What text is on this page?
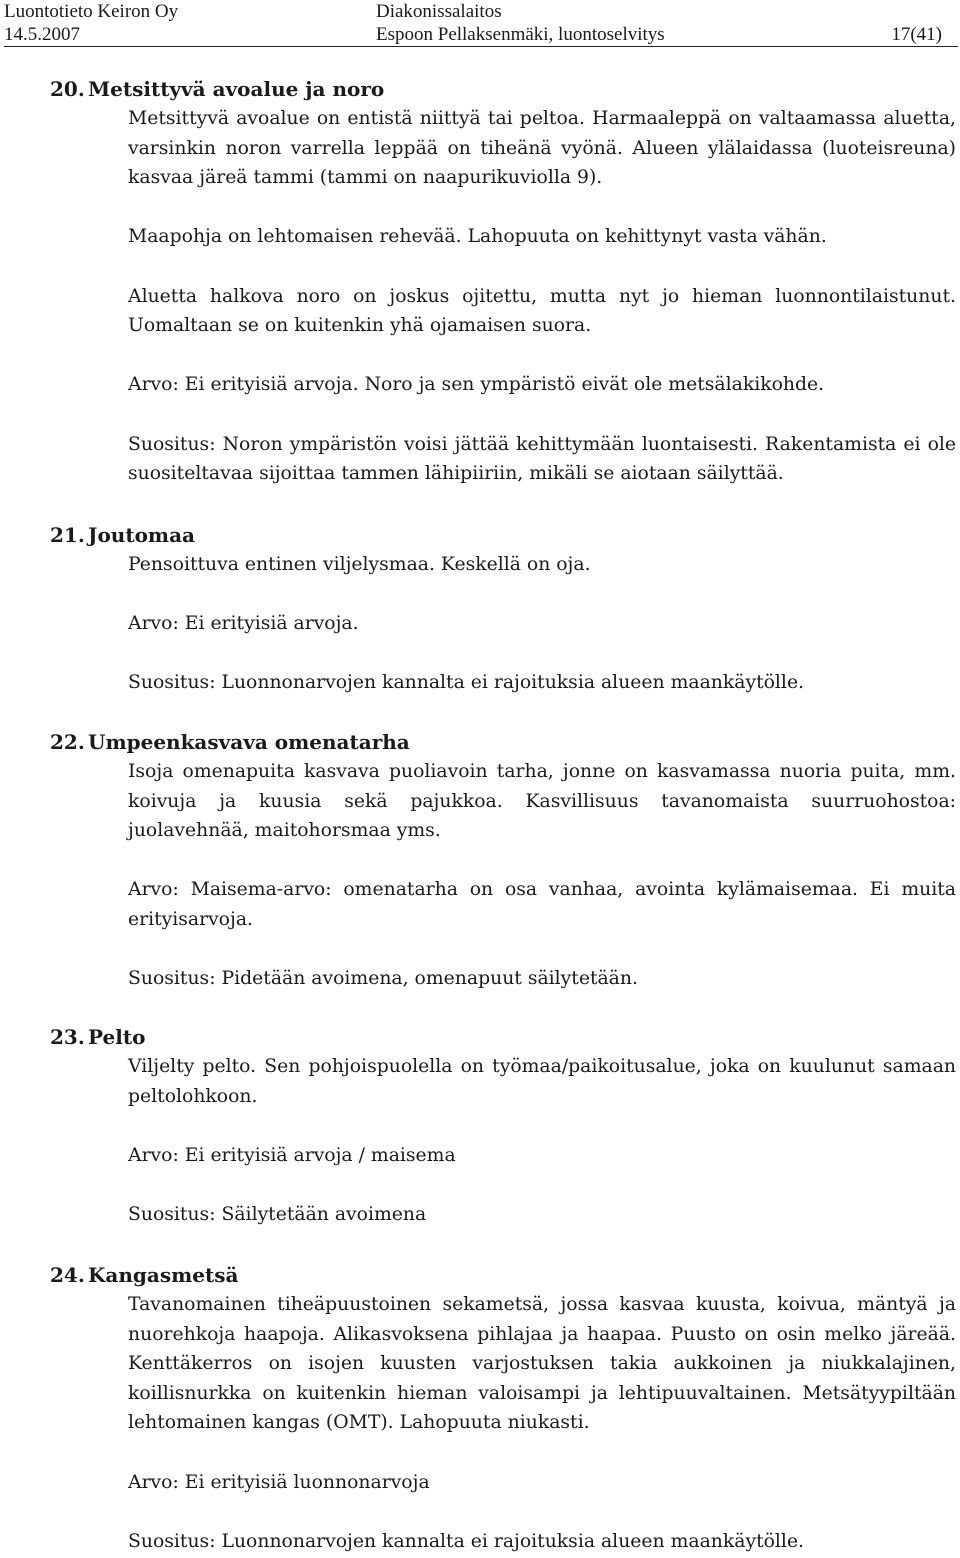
Luontotieto Keiron Oy
14.5.2007
Diakonissalaitos
Espoon Pellaksenmäki, luontoselvitys	17(41)
20. Metsittyvä avoalue ja noro

Metsittyvä avoalue on entistä niittyä tai peltoa. Harmaaleppä on valtaamassa aluetta, varsinkin noron varrella leppää on tiheänä vyönä. Alueen ylälaidassa (luoteisreuna) kasvaa järeä tammi (tammi on naapurikuviolla 9).

Maapohja on lehtomaisen rehevää. Lahopuuta on kehittynyt vasta vähän.

Aluetta halkova noro on joskus ojitettu, mutta nyt jo hieman luonnontilaistunut. Uomaltaan se on kuitenkin yhä ojamaisen suora.

Arvo: Ei erityisiä arvoja. Noro ja sen ympäristö eivät ole metsälakikohde.

Suositus: Noron ympäristön voisi jättää kehittymään luontaisesti. Rakentamista ei ole suositeltavaa sijoittaa tammen lähipiiriin, mikäli se aiotaan säilyttää.

21. Joutomaa

Pensoittuva entinen viljelysmaa. Keskellä on oja.

Arvo: Ei erityisiä arvoja.

Suositus: Luonnonarvojen kannalta ei rajoituksia alueen maankäytölle.

22. Umpeenkasvava omenatarha

Isoja omenapuita kasvava puoliavoin tarha, jonne on kasvamassa nuoria puita, mm. koivuja ja kuusia sekä pajukkoa. Kasvillisuus tavanomaista suurruohostoa: juolavehnää, maitohorsmaa yms.

Arvo: Maisema-arvo: omenatarha on osa vanhaa, avointa kylämaisemaa. Ei muita erityisarvoja.

Suositus: Pidetään avoimena, omenapuut säilytetään.

23. Pelto

Viljelty pelto. Sen pohjoispuolella on työmaa/paikoitusalue, joka on kuulunut samaan peltolohkoon.

Arvo: Ei erityisiä arvoja / maisema

Suositus: Säilytetään avoimena

24. Kangasmetsä

Tavanomainen tiheäpuustoinen sekametsä, jossa kasvaa kuusta, koivua, mäntyä ja nuorehkoja haapoja. Alikasvoksena pihlajaa ja haapaa. Puusto on osin melko järeää. Kenttäkerros on isojen kuusten varjostuksen takia aukkoinen ja niukkalajinen, koillisnurkka on kuitenkin hieman valoisampi ja lehtipuuvaltainen. Metsätyypiltään lehtomainen kangas (OMT). Lahopuuta niukasti.

Arvo: Ei erityisiä luonnonarvoja

Suositus: Luonnonarvojen kannalta ei rajoituksia alueen maankäytölle.
